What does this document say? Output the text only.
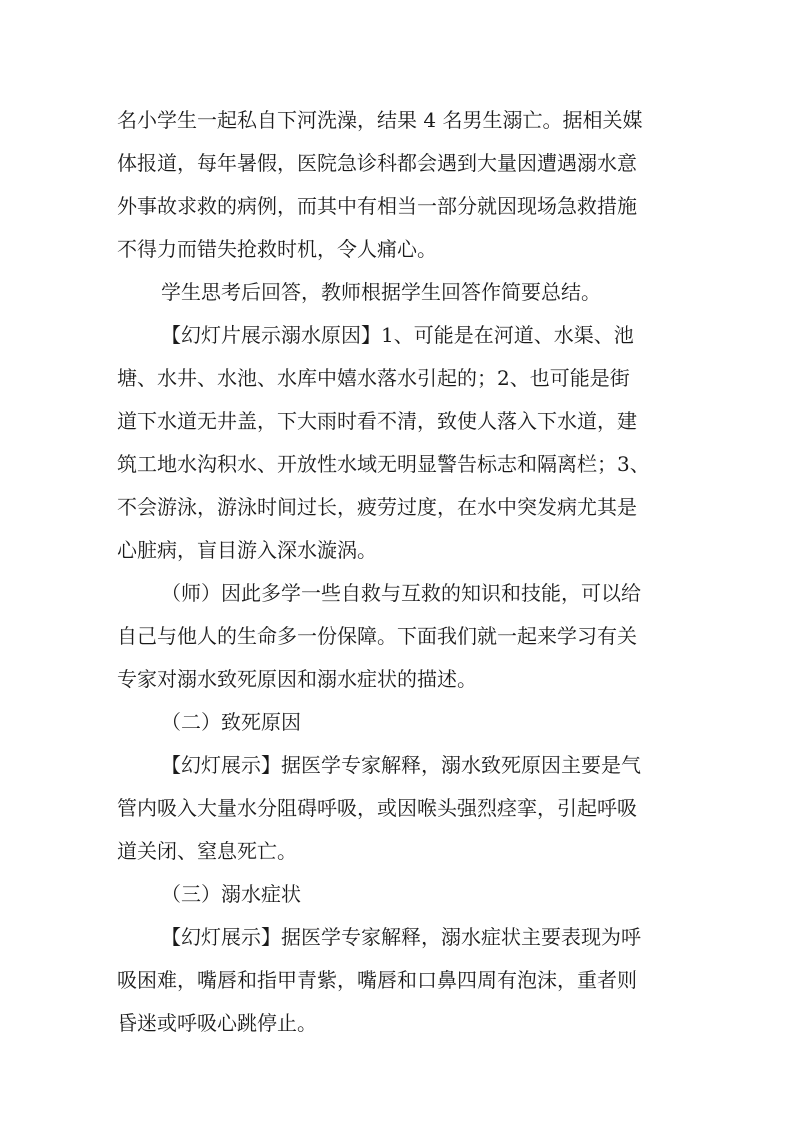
名小学生一起私自下河洗澡，结果 4 名男生溺亡。据相关媒
体报道，每年暑假，医院急诊科都会遇到大量因遭遇溺水意
外事故求救的病例，而其中有相当一部分就因现场急救措施
不得力而错失抢救时机，令人痛心。
学生思考后回答，教师根据学生回答作简要总结。
【幻灯片展示溺水原因】1、可能是在河道、水渠、池
塘、水井、水池、水库中嬉水落水引起的；2、也可能是街
道下水道无井盖，下大雨时看不清，致使人落入下水道，建
筑工地水沟积水、开放性水域无明显警告标志和隔离栏；3、
不会游泳，游泳时间过长，疲劳过度，在水中突发病尤其是
心脏病，盲目游入深水漩涡。
（师）因此多学一些自救与互救的知识和技能，可以给
自己与他人的生命多一份保障。下面我们就一起来学习有关
专家对溺水致死原因和溺水症状的描述。
（二）致死原因
【幻灯展示】据医学专家解释，溺水致死原因主要是气
管内吸入大量水分阻碍呼吸，或因喉头强烈痉挛，引起呼吸
道关闭、窒息死亡。
（三）溺水症状
【幻灯展示】据医学专家解释，溺水症状主要表现为呼
吸困难，嘴唇和指甲青紫，嘴唇和口鼻四周有泡沫，重者则
昏迷或呼吸心跳停止。
